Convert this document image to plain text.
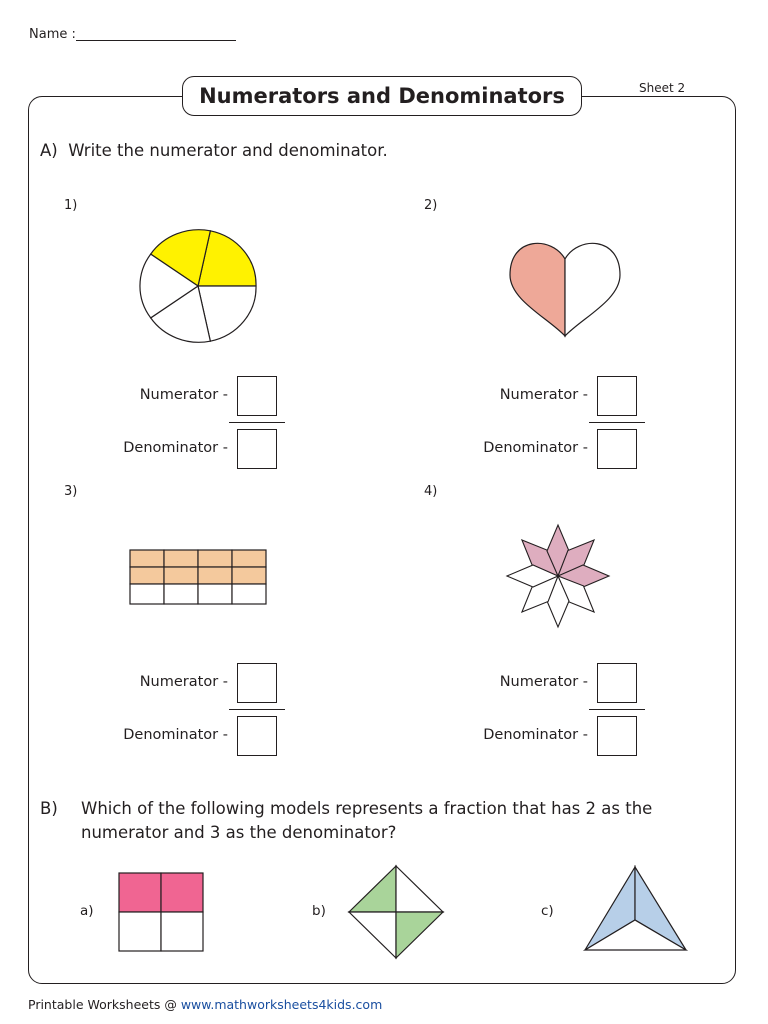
Name :
Numerators and Denominators	Sheet 2
A) Write the numerator and denominator.
1)	2)
3)	4)
Numerator -
Denominator -
Numerator -
Denominator -
Numerator -
Denominator -
Numerator -
Denominator -
B) Which of the following models represents a fraction that has 2 as the numerator and 3 as the denominator?
a)	b)	c)
Printable Worksheets @ www.mathworksheets4kids.com
